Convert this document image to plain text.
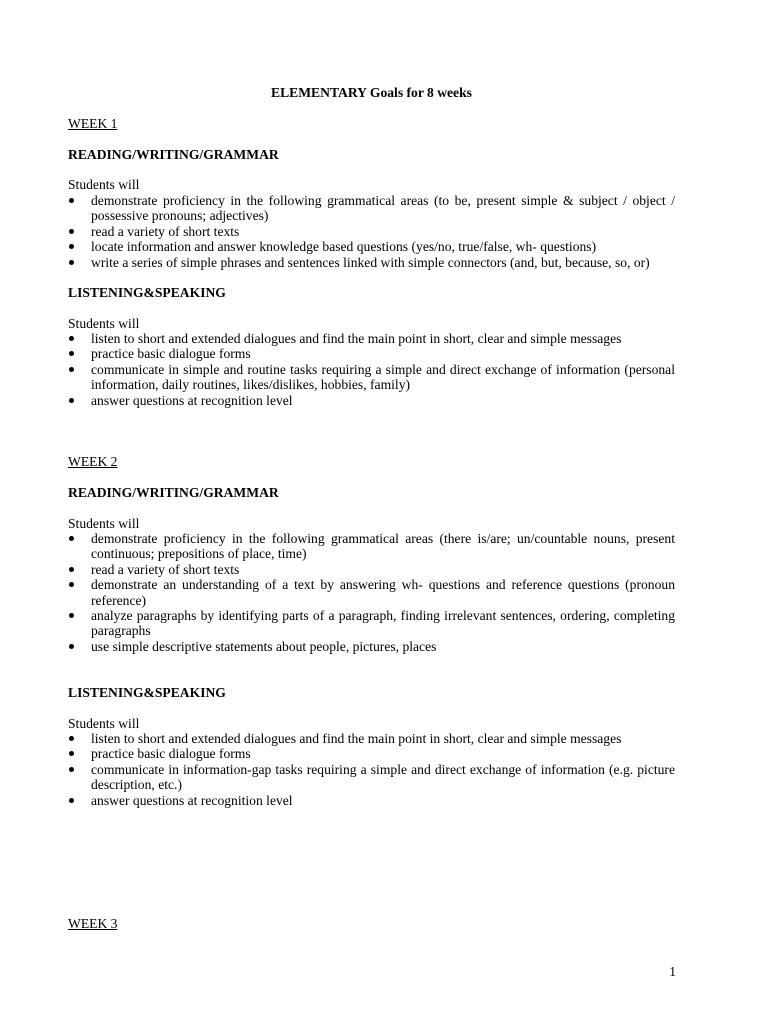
ELEMENTARY Goals for 8 weeks
WEEK 1
READING/WRITING/GRAMMAR
Students will
demonstrate proficiency in the following grammatical areas (to be, present simple & subject / object / possessive pronouns; adjectives)
read a variety of short texts
locate information and answer knowledge based questions (yes/no, true/false, wh- questions)
write a series of simple phrases and sentences linked with simple connectors (and, but, because, so, or)
LISTENING&SPEAKING
Students will
listen to short and extended dialogues and find the main point in short, clear and simple messages
practice basic dialogue forms
communicate in simple and routine tasks requiring a simple and direct exchange of information (personal information, daily routines, likes/dislikes, hobbies, family)
answer questions at recognition level
WEEK 2
READING/WRITING/GRAMMAR
Students will
demonstrate proficiency in the following grammatical areas (there is/are; un/countable nouns, present continuous; prepositions of place, time)
read a variety of short texts
demonstrate an understanding of a text by answering wh- questions and reference questions (pronoun reference)
analyze paragraphs by identifying parts of a paragraph, finding irrelevant sentences, ordering, completing paragraphs
use simple descriptive statements about people, pictures, places
LISTENING&SPEAKING
Students will
listen to short and extended dialogues and find the main point in short, clear and simple messages
practice basic dialogue forms
communicate in information-gap tasks requiring a simple and direct exchange of information (e.g. picture description, etc.)
answer questions at recognition level
WEEK 3
1
